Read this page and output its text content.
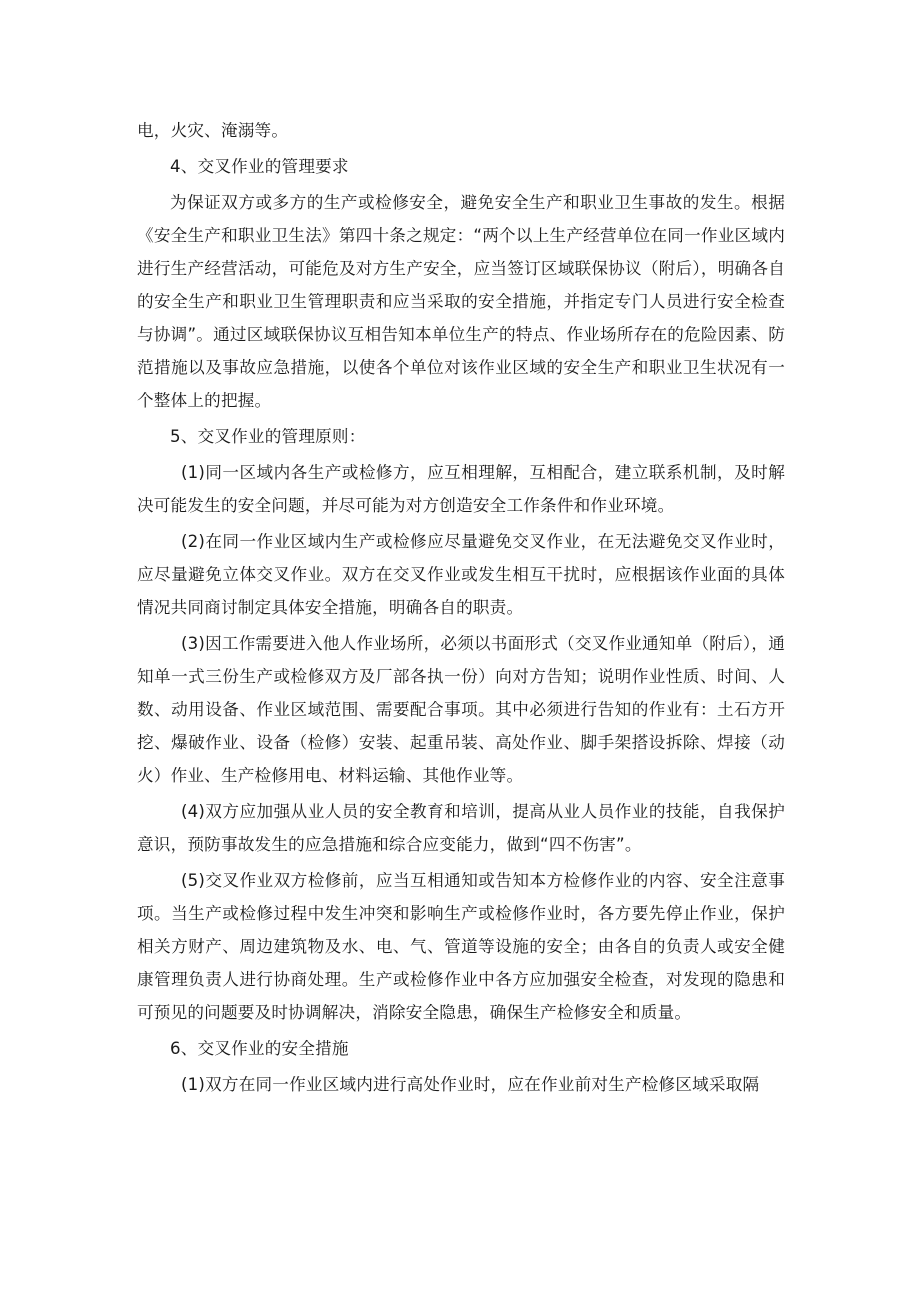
电，火灾、淹溺等。

4、交叉作业的管理要求

为保证双方或多方的生产或检修安全，避免安全生产和职业卫生事故的发生。根据《安全生产和职业卫生法》第四十条之规定：“两个以上生产经营单位在同一作业区域内进行生产经营活动，可能危及对方生产安全，应当签订区域联保协议（附后），明确各自的安全生产和职业卫生管理职责和应当采取的安全措施，并指定专门人员进行安全检查与协调”。通过区域联保协议互相告知本单位生产的特点、作业场所存在的危险因素、防范措施以及事故应急措施，以使各个单位对该作业区域的安全生产和职业卫生状况有一个整体上的把握。

5、交叉作业的管理原则：

(1)同一区域内各生产或检修方，应互相理解，互相配合，建立联系机制，及时解决可能发生的安全问题，并尽可能为对方创造安全工作条件和作业环境。

(2)在同一作业区域内生产或检修应尽量避免交叉作业，在无法避免交叉作业时，应尽量避免立体交叉作业。双方在交叉作业或发生相互干扰时，应根据该作业面的具体情况共同商讨制定具体安全措施，明确各自的职责。

(3)因工作需要进入他人作业场所，必须以书面形式（交叉作业通知单（附后），通知单一式三份生产或检修双方及厂部各执一份）向对方告知；说明作业性质、时间、人数、动用设备、作业区域范围、需要配合事项。其中必须进行告知的作业有：土石方开挖、爆破作业、设备（检修）安装、起重吊装、高处作业、脚手架搭设拆除、焊接（动火）作业、生产检修用电、材料运输、其他作业等。

(4)双方应加强从业人员的安全教育和培训，提高从业人员作业的技能，自我保护意识，预防事故发生的应急措施和综合应变能力，做到“四不伤害”。

(5)交叉作业双方检修前，应当互相通知或告知本方检修作业的内容、安全注意事项。当生产或检修过程中发生冲突和影响生产或检修作业时，各方要先停止作业，保护相关方财产、周边建筑物及水、电、气、管道等设施的安全；由各自的负责人或安全健康管理负责人进行协商处理。生产或检修作业中各方应加强安全检查，对发现的隐患和可预见的问题要及时协调解决，消除安全隐患，确保生产检修安全和质量。

6、交叉作业的安全措施

(1)双方在同一作业区域内进行高处作业时，应在作业前对生产检修区域采取隔
